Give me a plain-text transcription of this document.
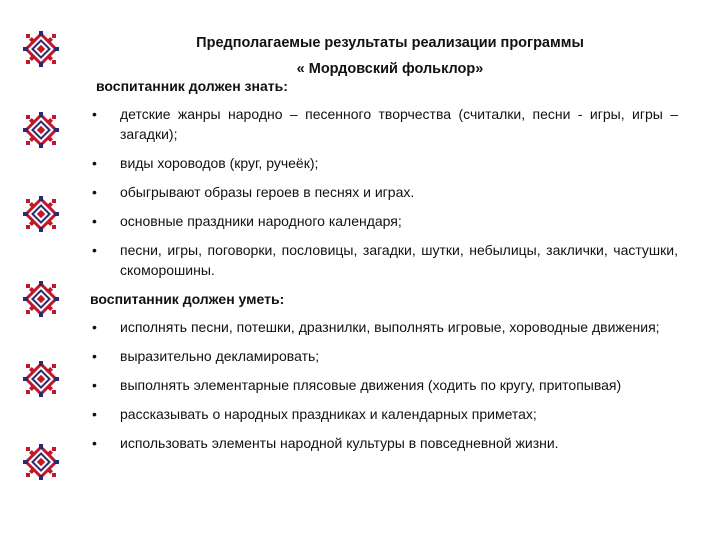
Предполагаемые результаты реализации программы
« Мордовский фольклор»
воспитанник должен знать:
• детские жанры народно – песенного творчества (считалки, песни - игры, игры – загадки);
• виды хороводов (круг, ручеёк);
• обыгрывают образы героев в песнях и играх.
• основные праздники народного календаря;
• песни, игры, поговорки, пословицы, загадки, шутки, небылицы, заклички, частушки, скоморошины.
воспитанник должен уметь:
• исполнять песни, потешки, дразнилки, выполнять игровые, хороводные движения;
• выразительно декламировать;
• выполнять элементарные плясовые движения (ходить по кругу, притопывая)
• рассказывать о народных праздниках и календарных приметах;
• использовать элементы народной культуры в повседневной жизни.
